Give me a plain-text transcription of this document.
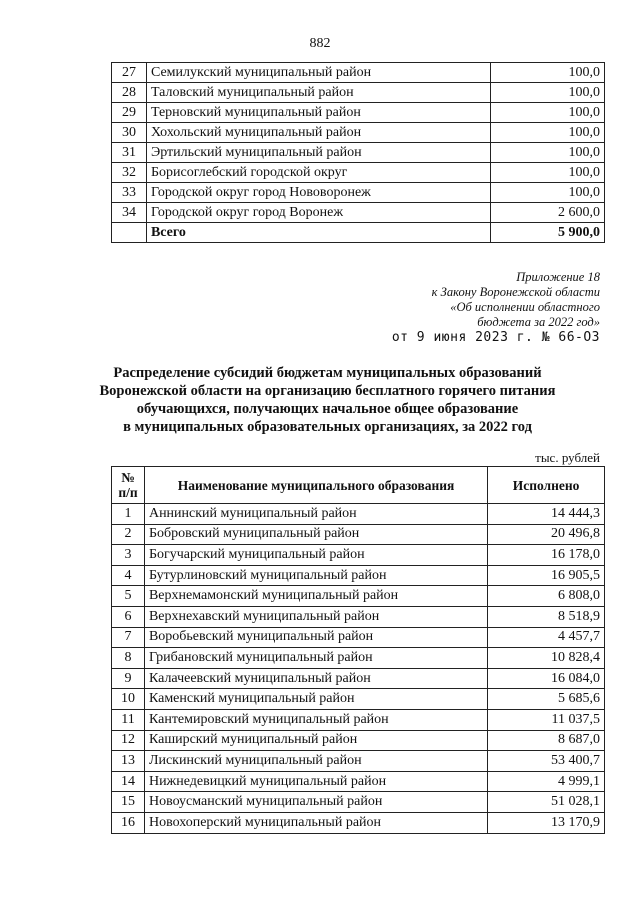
882
27	Семилукский муниципальный район	100,0
28	Таловский муниципальный район	100,0
29	Терновский муниципальный район	100,0
30	Хохольский муниципальный район	100,0
31	Эртильский муниципальный район	100,0
32	Борисоглебский городской округ	100,0
33	Городской округ город Нововоронеж	100,0
34	Городской округ город Воронеж	2 600,0
	Всего	5 900,0
Приложение 18
к Закону Воронежской области
«Об исполнении областного
бюджета за 2022 год»
от 9 июня 2023 г. № 66-ОЗ
Распределение субсидий бюджетам муниципальных образований
Воронежской области на организацию бесплатного горячего питания
обучающихся, получающих начальное общее образование
в муниципальных образовательных организациях, за 2022 год
тыс. рублей
№
п/п	Наименование муниципального образования	Исполнено
1	Аннинский муниципальный район	14 444,3
2	Бобровский муниципальный район	20 496,8
3	Богучарский муниципальный район	16 178,0
4	Бутурлиновский муниципальный район	16 905,5
5	Верхнемамонский муниципальный район	6 808,0
6	Верхнехавский муниципальный район	8 518,9
7	Воробьевский муниципальный район	4 457,7
8	Грибановский муниципальный район	10 828,4
9	Калачеевский муниципальный район	16 084,0
10	Каменский муниципальный район	5 685,6
11	Кантемировский муниципальный район	11 037,5
12	Каширский муниципальный район	8 687,0
13	Лискинский муниципальный район	53 400,7
14	Нижнедевицкий муниципальный район	4 999,1
15	Новоусманский муниципальный район	51 028,1
16	Новохоперский муниципальный район	13 170,9
